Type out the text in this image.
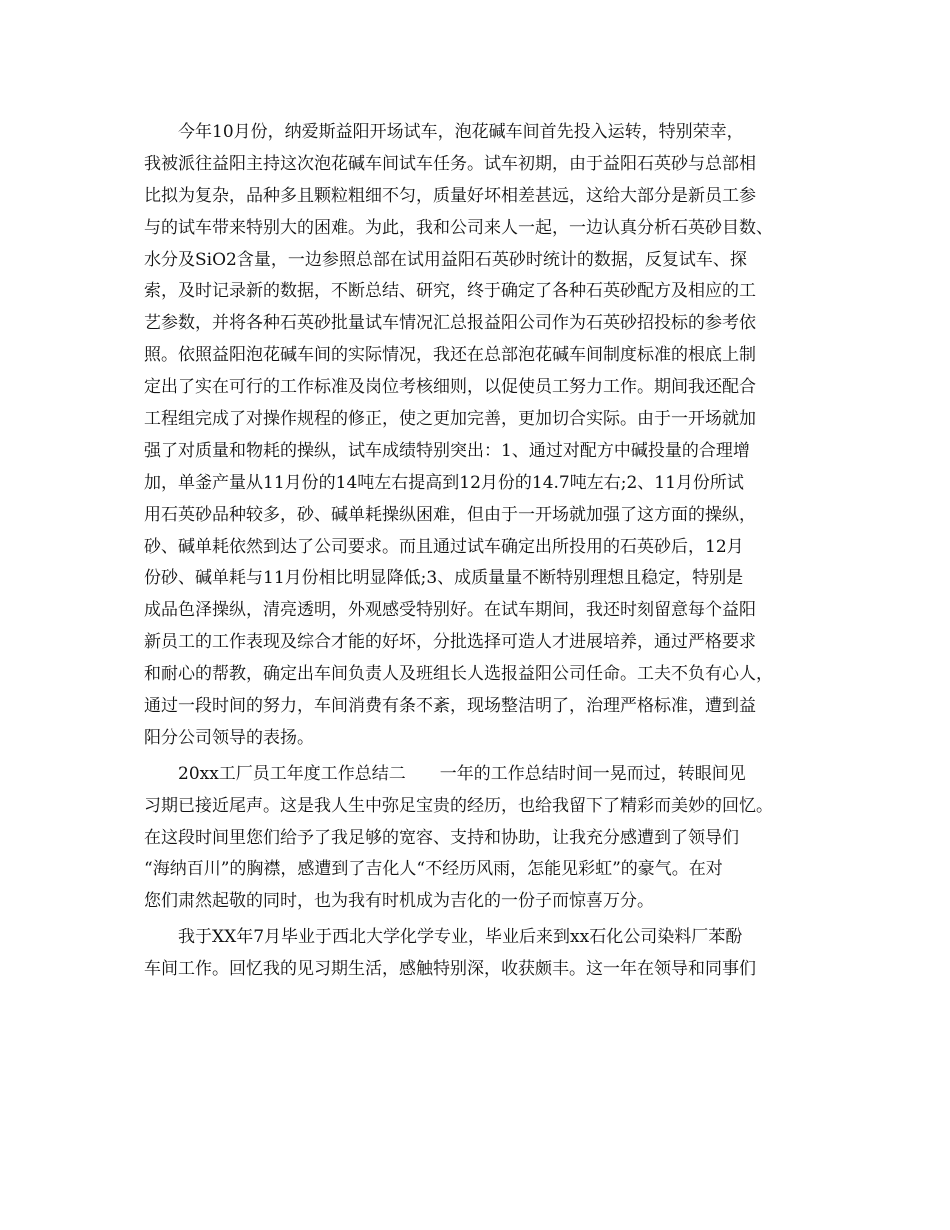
　　今年10月份，纳爱斯益阳开场试车，泡花碱车间首先投入运转，特别荣幸，
我被派往益阳主持这次泡花碱车间试车任务。试车初期，由于益阳石英砂与总部相
比拟为复杂，品种多且颗粒粗细不匀，质量好坏相差甚远，这给大部分是新员工参
与的试车带来特别大的困难。为此，我和公司来人一起，一边认真分析石英砂目数、
水分及SiO2含量，一边参照总部在试用益阳石英砂时统计的数据，反复试车、探
索，及时记录新的数据，不断总结、研究，终于确定了各种石英砂配方及相应的工
艺参数，并将各种石英砂批量试车情况汇总报益阳公司作为石英砂招投标的参考依
照。依照益阳泡花碱车间的实际情况，我还在总部泡花碱车间制度标准的根底上制
定出了实在可行的工作标准及岗位考核细则，以促使员工努力工作。期间我还配合
工程组完成了对操作规程的修正，使之更加完善，更加切合实际。由于一开场就加
强了对质量和物耗的操纵，试车成绩特别突出：1、通过对配方中碱投量的合理增
加，单釜产量从11月份的14吨左右提高到12月份的14.7吨左右;2、11月份所试
用石英砂品种较多，砂、碱单耗操纵困难，但由于一开场就加强了这方面的操纵，
砂、碱单耗依然到达了公司要求。而且通过试车确定出所投用的石英砂后，12月
份砂、碱单耗与11月份相比明显降低;3、成质量量不断特别理想且稳定，特别是
成品色泽操纵，清亮透明，外观感受特别好。在试车期间，我还时刻留意每个益阳
新员工的工作表现及综合才能的好坏，分批选择可造人才进展培养，通过严格要求
和耐心的帮教，确定出车间负责人及班组长人选报益阳公司任命。工夫不负有心人，
通过一段时间的努力，车间消费有条不紊，现场整洁明了，治理严格标准，遭到益
阳分公司领导的表扬。
　　20xx工厂员工年度工作总结二　　一年的工作总结时间一晃而过，转眼间见
习期已接近尾声。这是我人生中弥足宝贵的经历，也给我留下了精彩而美妙的回忆。
在这段时间里您们给予了我足够的宽容、支持和协助，让我充分感遭到了领导们
“海纳百川”的胸襟，感遭到了吉化人“不经历风雨，怎能见彩虹”的豪气。在对
您们肃然起敬的同时，也为我有时机成为吉化的一份子而惊喜万分。
　　我于XX年7月毕业于西北大学化学专业，毕业后来到xx石化公司染料厂苯酚
车间工作。回忆我的见习期生活，感触特别深，收获颇丰。这一年在领导和同事们
